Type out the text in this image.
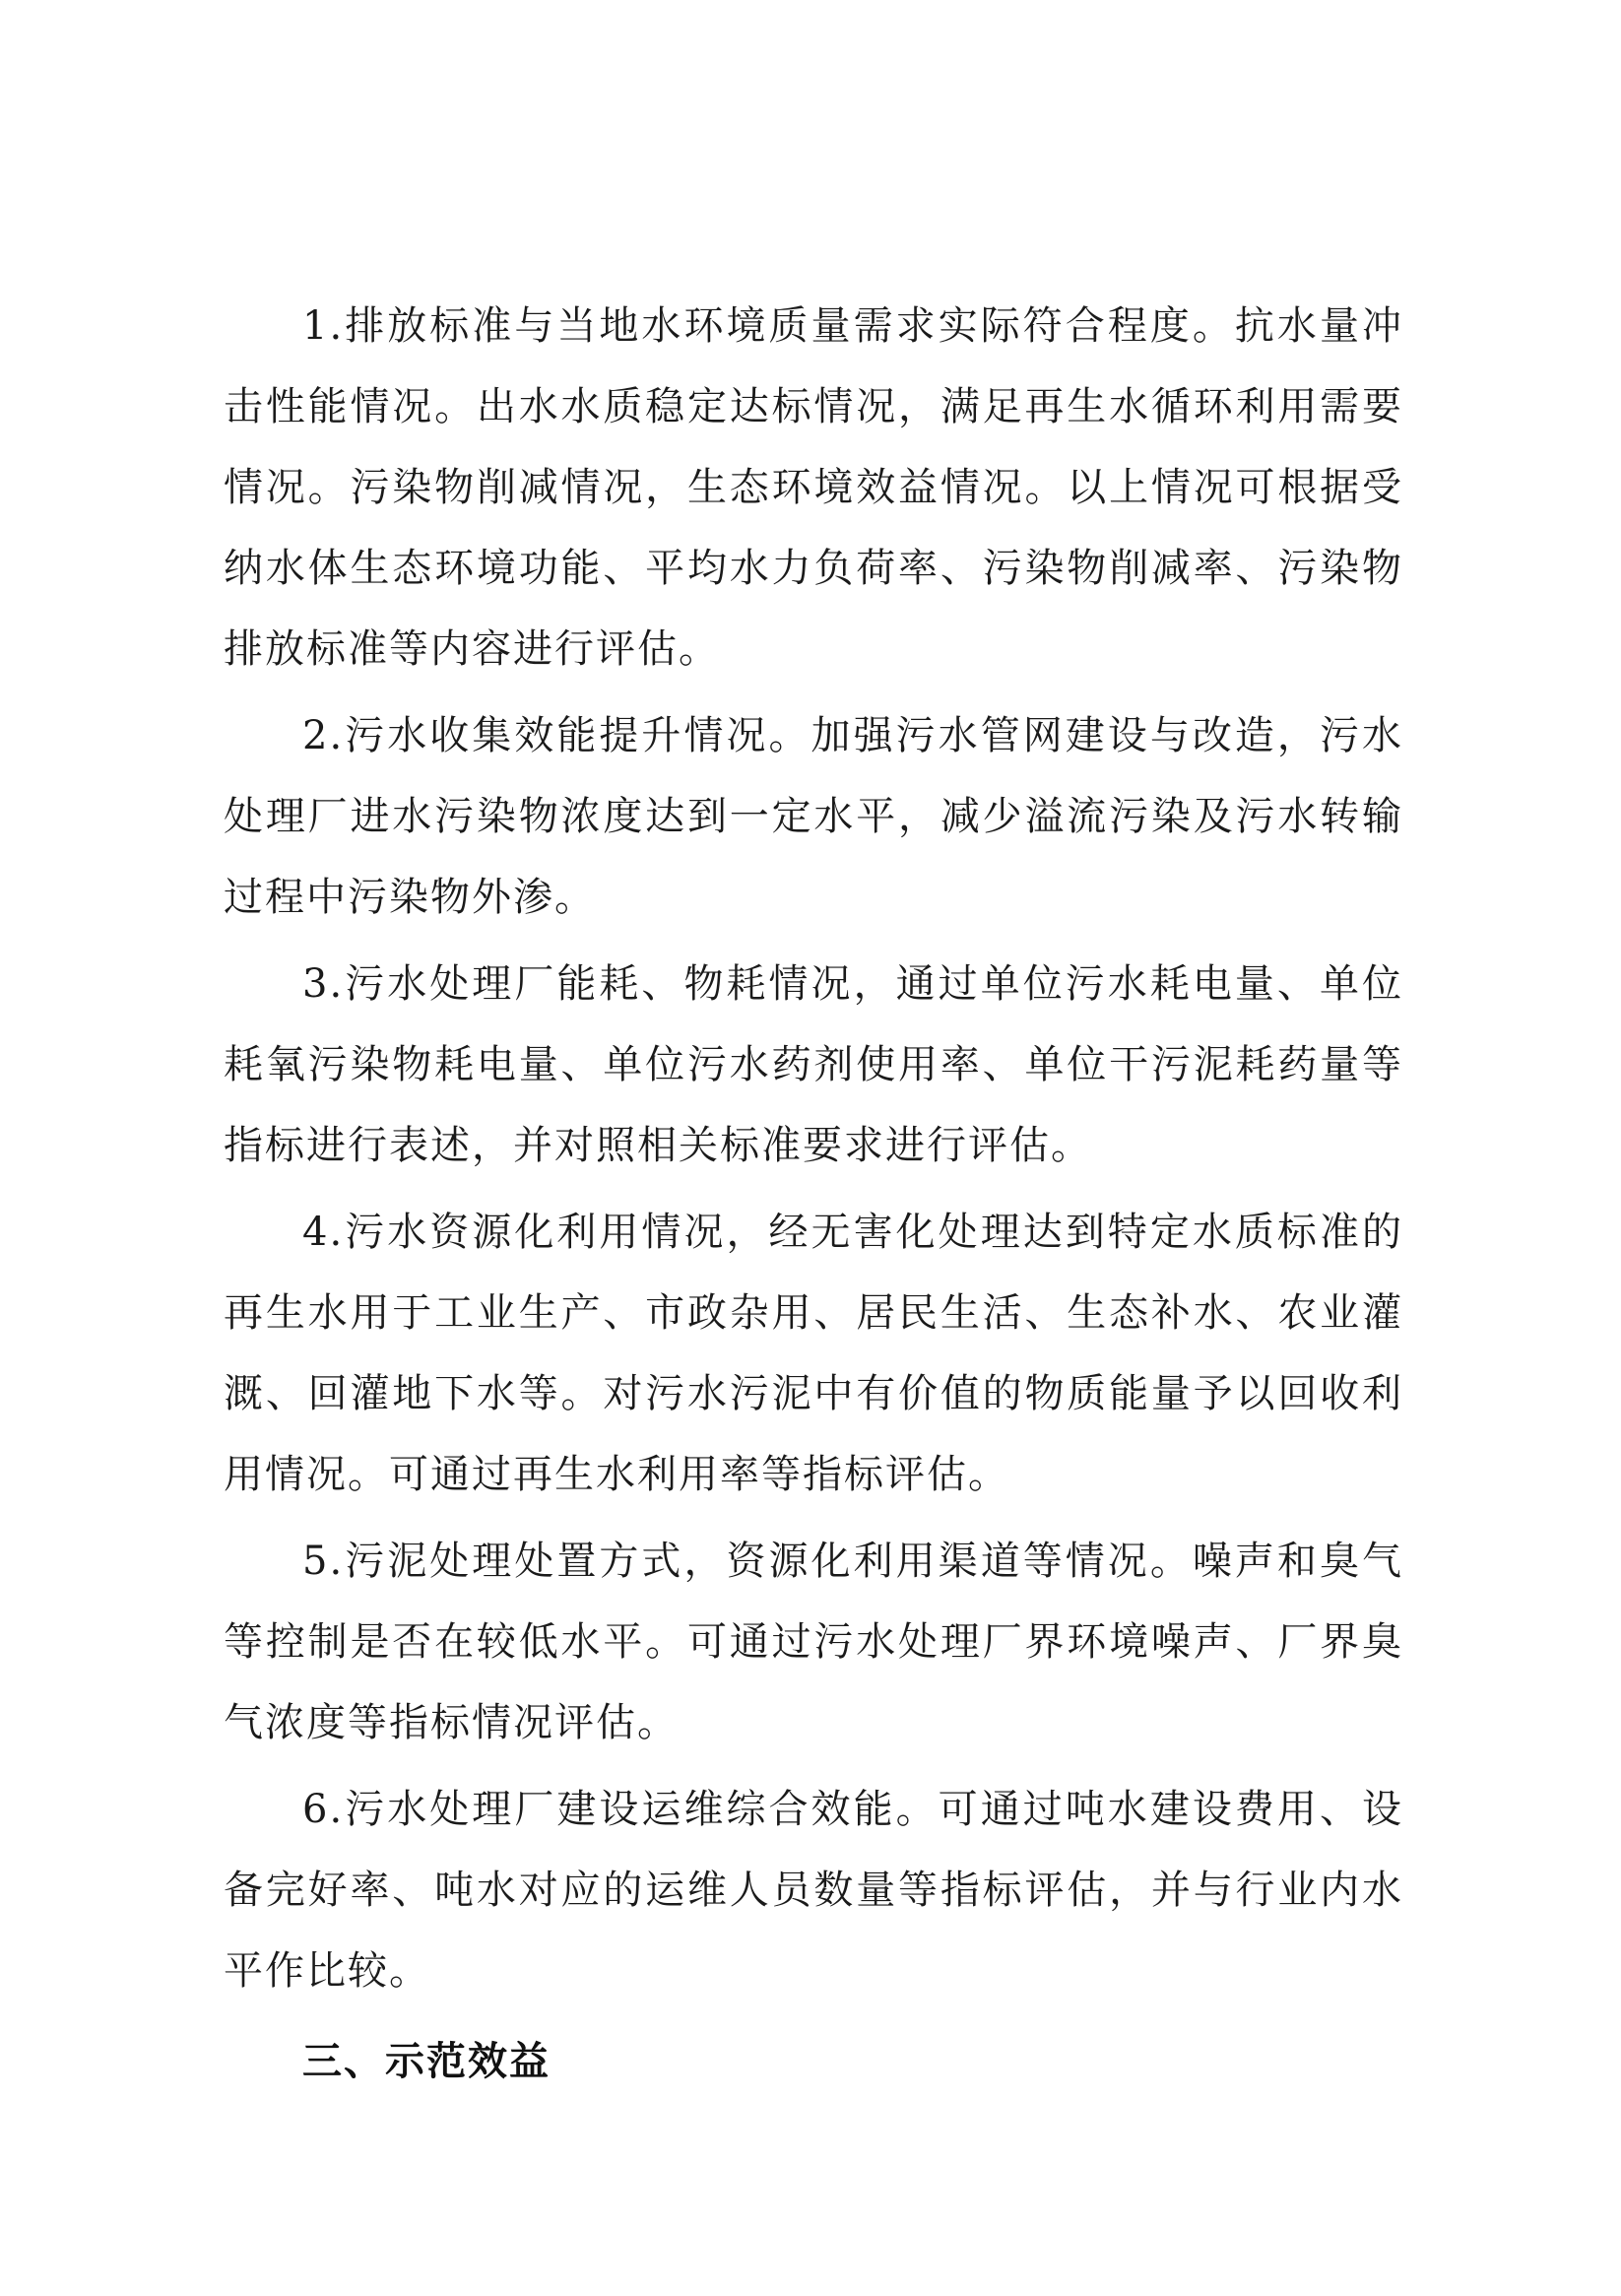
1.排放标准与当地水环境质量需求实际符合程度。抗水量冲击性能情况。出水水质稳定达标情况，满足再生水循环利用需要情况。污染物削减情况，生态环境效益情况。以上情况可根据受纳水体生态环境功能、平均水力负荷率、污染物削减率、污染物排放标准等内容进行评估。

2.污水收集效能提升情况。加强污水管网建设与改造，污水处理厂进水污染物浓度达到一定水平，减少溢流污染及污水转输过程中污染物外渗。

3.污水处理厂能耗、物耗情况，通过单位污水耗电量、单位耗氧污染物耗电量、单位污水药剂使用率、单位干污泥耗药量等指标进行表述，并对照相关标准要求进行评估。

4.污水资源化利用情况，经无害化处理达到特定水质标准的再生水用于工业生产、市政杂用、居民生活、生态补水、农业灌溉、回灌地下水等。对污水污泥中有价值的物质能量予以回收利用情况。可通过再生水利用率等指标评估。

5.污泥处理处置方式，资源化利用渠道等情况。噪声和臭气等控制是否在较低水平。可通过污水处理厂界环境噪声、厂界臭气浓度等指标情况评估。

6.污水处理厂建设运维综合效能。可通过吨水建设费用、设备完好率、吨水对应的运维人员数量等指标评估，并与行业内水平作比较。

三、示范效益
